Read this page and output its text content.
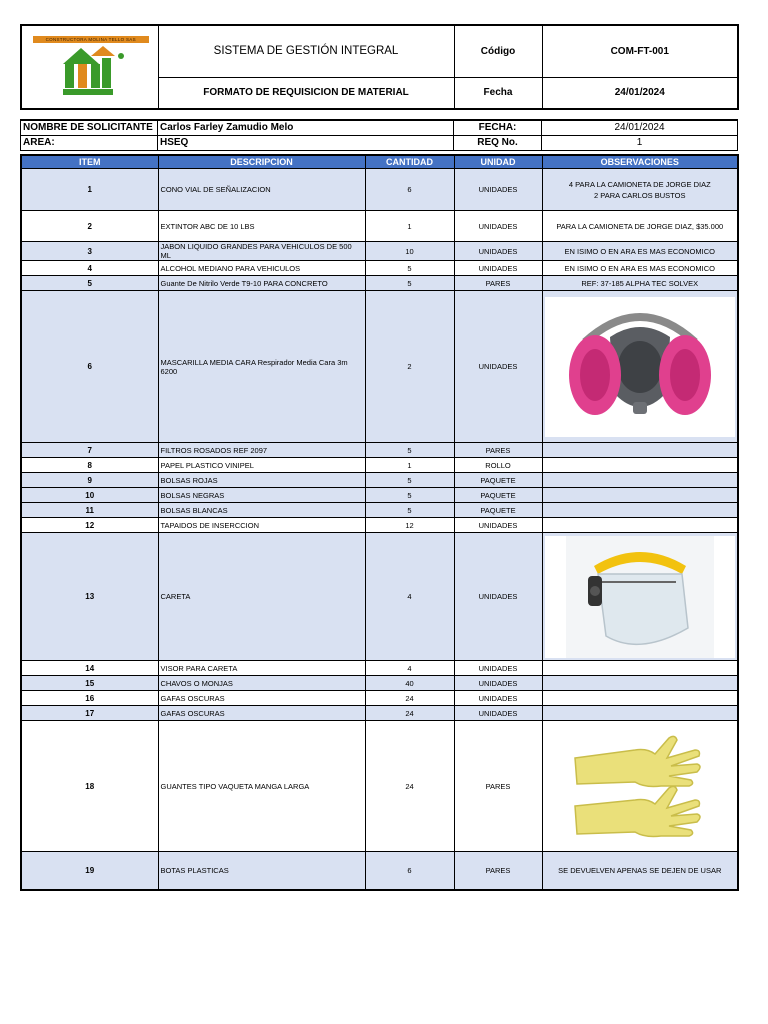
CONSTRUCTORA MOLINA TELLO SAS	SISTEMA DE GESTIÓN INTEGRAL	Código	COM-FT-001
	FORMATO DE REQUISICION DE MATERIAL	Fecha	24/01/2024
NOMBRE DE SOLICITANTE	Carlos Farley Zamudio Melo	FECHA:	24/01/2024
AREA:	HSEQ	REQ No.	1
ITEM	DESCRIPCION	CANTIDAD	UNIDAD	OBSERVACIONES
1	CONO VIAL DE SEÑALIZACION	6	UNIDADES	4 PARA LA CAMIONETA DE JORGE DIAZ
2 PARA CARLOS BUSTOS
2	EXTINTOR ABC DE 10 LBS	1	UNIDADES	PARA LA CAMIONETA DE JORGE DIAZ, $35.000
3	JABON LIQUIDO GRANDES PARA VEHICULOS DE 500 ML	10	UNIDADES	EN ISIMO O EN ARA ES MAS ECONOMICO
4	ALCOHOL MEDIANO PARA VEHICULOS	5	UNIDADES	EN ISIMO O EN ARA ES MAS ECONOMICO
5	Guante De Nitrilo Verde T9-10 PARA CONCRETO	5	PARES	REF: 37-185 ALPHA TEC SOLVEX
6	MASCARILLA MEDIA CARA Respirador Media Cara 3m 6200	2	UNIDADES	

7	FILTROS ROSADOS REF 2097	5	PARES	
8	PAPEL PLASTICO VINIPEL	1	ROLLO	
9	BOLSAS ROJAS	5	PAQUETE	
10	BOLSAS NEGRAS	5	PAQUETE	
11	BOLSAS BLANCAS	5	PAQUETE	
12	TAPAIDOS DE INSERCCION	12	UNIDADES	
13	CARETA	4	UNIDADES	

14	VISOR PARA CARETA	4	UNIDADES	
15	CHAVOS O MONJAS	40	UNIDADES	
16	GAFAS OSCURAS	24	UNIDADES	
17	GAFAS OSCURAS	24	UNIDADES	
18	GUANTES TIPO VAQUETA MANGA LARGA	24	PARES	

19	BOTAS PLASTICAS	6	PARES	SE DEVUELVEN APENAS SE DEJEN DE USAR
